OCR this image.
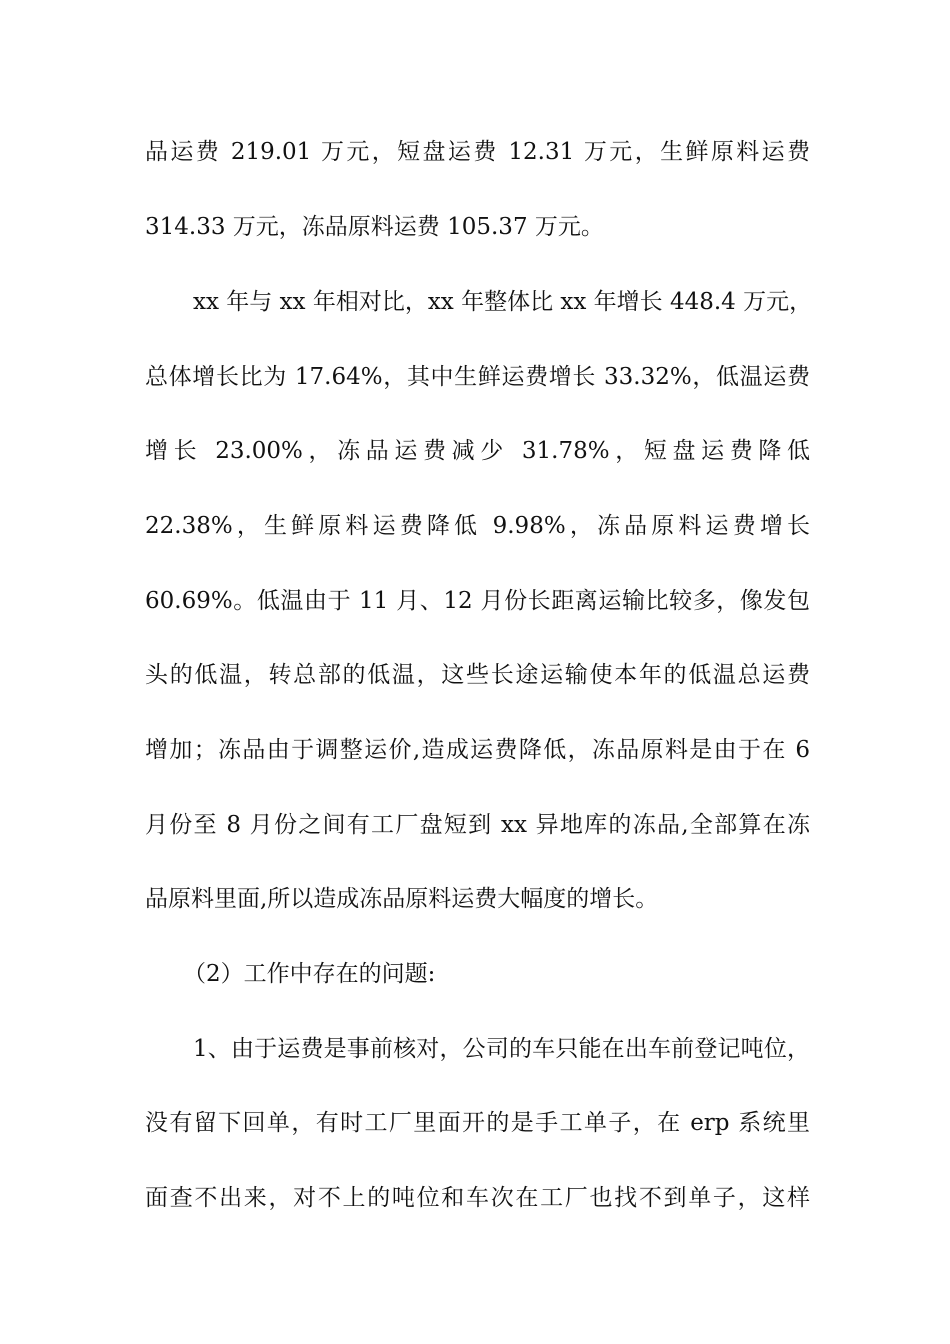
品运费 219.01 万元，短盘运费 12.31 万元，生鲜原料运费
314.33 万元，冻品原料运费 105.37 万元。
xx 年与 xx 年相对比，xx 年整体比 xx 年增长 448.4 万元，
总体增长比为 17.64%，其中生鲜运费增长 33.32%，低温运费
增长 23.00%，冻品运费减少 31.78%，短盘运费降低
22.38%，生鲜原料运费降低 9.98%，冻品原料运费增长
60.69%。低温由于 11 月、12 月份长距离运输比较多，像发包
头的低温，转总部的低温，这些长途运输使本年的低温总运费
增加；冻品由于调整运价,造成运费降低，冻品原料是由于在 6
月份至 8 月份之间有工厂盘短到 xx 异地库的冻品,全部算在冻
品原料里面,所以造成冻品原料运费大幅度的增长。
（2）工作中存在的问题:
1、由于运费是事前核对，公司的车只能在出车前登记吨位，
没有留下回单，有时工厂里面开的是手工单子，在 erp 系统里
面查不出来，对不上的吨位和车次在工厂也找不到单子，这样
